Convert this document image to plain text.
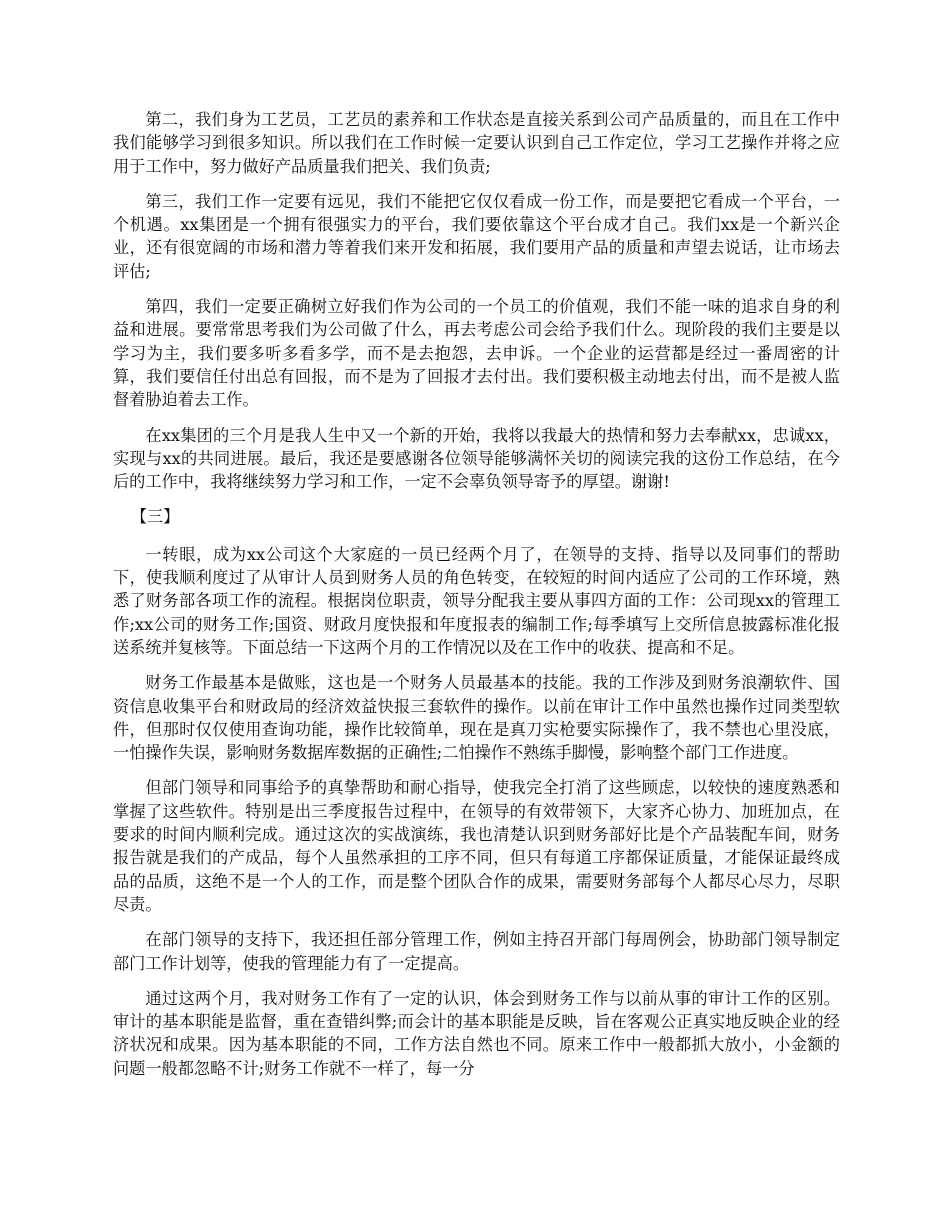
第二，我们身为工艺员，工艺员的素养和工作状态是直接关系到公司产品质量的，而且在工作中我们能够学习到很多知识。所以我们在工作时候一定要认识到自己工作定位，学习工艺操作并将之应用于工作中，努力做好产品质量我们把关、我们负责;

第三，我们工作一定要有远见，我们不能把它仅仅看成一份工作，而是要把它看成一个平台，一个机遇。xx集团是一个拥有很强实力的平台，我们要依靠这个平台成才自己。我们xx是一个新兴企业，还有很宽阔的市场和潜力等着我们来开发和拓展，我们要用产品的质量和声望去说话，让市场去评估;

第四，我们一定要正确树立好我们作为公司的一个员工的价值观，我们不能一味的追求自身的利益和进展。要常常思考我们为公司做了什么，再去考虑公司会给予我们什么。现阶段的我们主要是以学习为主，我们要多听多看多学，而不是去抱怨，去申诉。一个企业的运营都是经过一番周密的计算，我们要信任付出总有回报，而不是为了回报才去付出。我们要积极主动地去付出，而不是被人监督着胁迫着去工作。

在xx集团的三个月是我人生中又一个新的开始，我将以我最大的热情和努力去奉献xx，忠诚xx，实现与xx的共同进展。最后，我还是要感谢各位领导能够满怀关切的阅读完我的这份工作总结，在今后的工作中，我将继续努力学习和工作，一定不会辜负领导寄予的厚望。谢谢!

【三】

一转眼，成为xx公司这个大家庭的一员已经两个月了，在领导的支持、指导以及同事们的帮助下，使我顺利度过了从审计人员到财务人员的角色转变，在较短的时间内适应了公司的工作环境，熟悉了财务部各项工作的流程。根据岗位职责，领导分配我主要从事四方面的工作：公司现xx的管理工作;xx公司的财务工作;国资、财政月度快报和年度报表的编制工作;每季填写上交所信息披露标准化报送系统并复核等。下面总结一下这两个月的工作情况以及在工作中的收获、提高和不足。

财务工作最基本是做账，这也是一个财务人员最基本的技能。我的工作涉及到财务浪潮软件、国资信息收集平台和财政局的经济效益快报三套软件的操作。以前在审计工作中虽然也操作过同类型软件，但那时仅仅使用查询功能，操作比较简单，现在是真刀实枪要实际操作了，我不禁也心里没底，一怕操作失误，影响财务数据库数据的正确性;二怕操作不熟练手脚慢，影响整个部门工作进度。

但部门领导和同事给予的真挚帮助和耐心指导，使我完全打消了这些顾虑，以较快的速度熟悉和掌握了这些软件。特别是出三季度报告过程中，在领导的有效带领下，大家齐心协力、加班加点，在要求的时间内顺利完成。通过这次的实战演练，我也清楚认识到财务部好比是个产品装配车间，财务报告就是我们的产成品，每个人虽然承担的工序不同，但只有每道工序都保证质量，才能保证最终成品的品质，这绝不是一个人的工作，而是整个团队合作的成果，需要财务部每个人都尽心尽力，尽职尽责。

在部门领导的支持下，我还担任部分管理工作，例如主持召开部门每周例会，协助部门领导制定部门工作计划等，使我的管理能力有了一定提高。

通过这两个月，我对财务工作有了一定的认识，体会到财务工作与以前从事的审计工作的区别。审计的基本职能是监督，重在查错纠弊;而会计的基本职能是反映，旨在客观公正真实地反映企业的经济状况和成果。因为基本职能的不同，工作方法自然也不同。原来工作中一般都抓大放小，小金额的问题一般都忽略不计;财务工作就不一样了，每一分
